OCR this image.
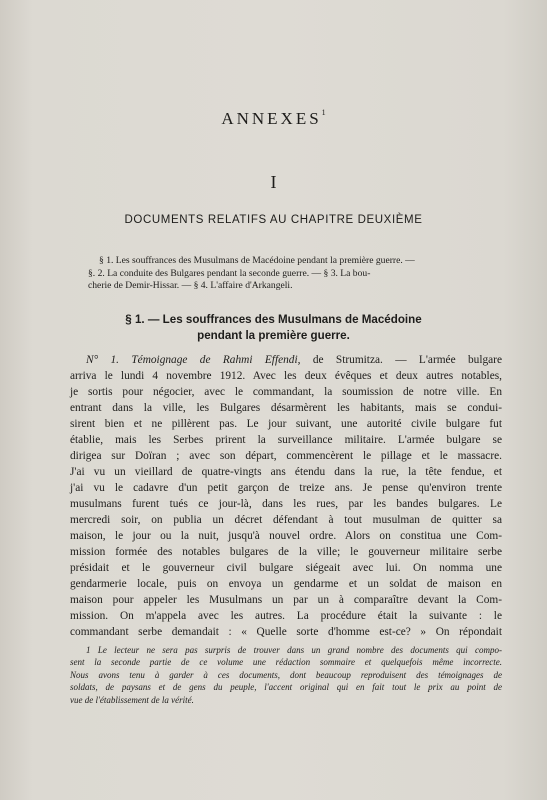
ANNEXES$^1$
I
DOCUMENTS RELATIFS AU CHAPITRE DEUXIÈME
§ 1. Les souffrances des Musulmans de Macédoine pendant la première guerre. —
§. 2. La conduite des Bulgares pendant la seconde guerre. — § 3. La bou-
cherie de Demir-Hissar. — § 4. L'affaire d'Arkangeli.
§ 1. — Les souffrances des Musulmans de Macédoine
pendant la première guerre.
N° 1. Témoignage de Rahmi Effendi, de Strumitza. — L'armée bulgare
arriva le lundi 4 novembre 1912. Avec les deux évêques et deux autres notables,
je sortis pour négocier, avec le commandant, la soumission de notre ville. En
entrant dans la ville, les Bulgares désarmèrent les habitants, mais se condui-
sirent bien et ne pillèrent pas. Le jour suivant, une autorité civile bulgare fut
établie, mais les Serbes prirent la surveillance militaire. L'armée bulgare se
dirigea sur Doïran ; avec son départ, commencèrent le pillage et le massacre.
J'ai vu un vieillard de quatre-vingts ans étendu dans la rue, la tête fendue, et
j'ai vu le cadavre d'un petit garçon de treize ans. Je pense qu'environ trente
musulmans furent tués ce jour-là, dans les rues, par les bandes bulgares. Le
mercredi soir, on publia un décret défendant à tout musulman de quitter sa
maison, le jour ou la nuit, jusqu'à nouvel ordre. Alors on constitua une Com-
mission formée des notables bulgares de la ville; le gouverneur militaire serbe
présidait et le gouverneur civil bulgare siégeait avec lui. On nomma une
gendarmerie locale, puis on envoya un gendarme et un soldat de maison en
maison pour appeler les Musulmans un par un à comparaître devant la Com-
mission. On m'appela avec les autres. La procédure était la suivante : le
commandant serbe demandait : « Quelle sorte d'homme est-ce? » On répondait
1 Le lecteur ne sera pas surpris de trouver dans un grand nombre des documents qui compo-
sent la seconde partie de ce volume une rédaction sommaire et quelquefois même incorrecte.
Nous avons tenu à garder à ces documents, dont beaucoup reproduisent des témoignages de
soldats, de paysans et de gens du peuple, l'accent original qui en fait tout le prix au point de
vue de l'établissement de la vérité.
